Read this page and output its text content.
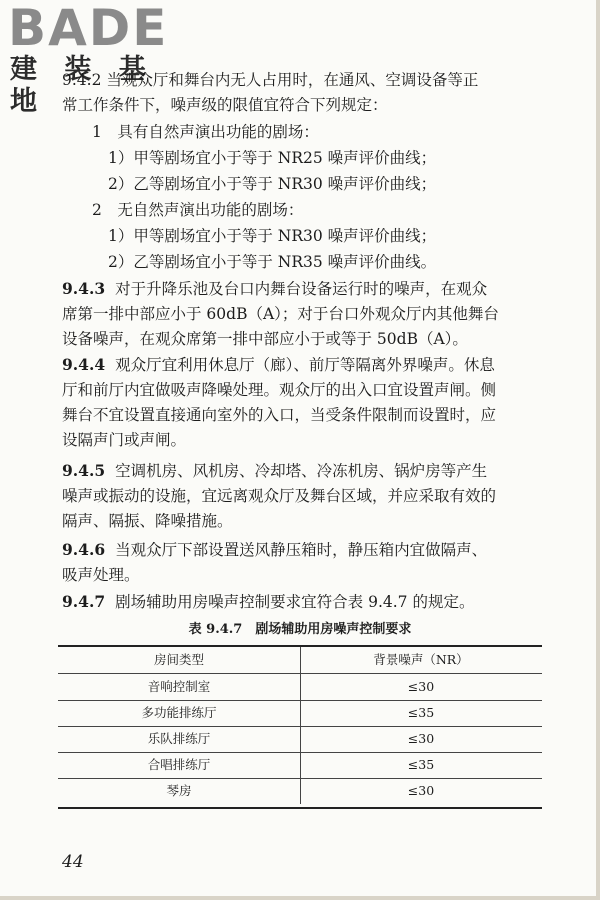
BADE
建 装 基 地
9.4.2 当观众厅和舞台内无人占用时，在通风、空调设备等正
常工作条件下，噪声级的限值宜符合下列规定：
1　具有自然声演出功能的剧场：
1）甲等剧场宜小于等于 NR25 噪声评价曲线；
2）乙等剧场宜小于等于 NR30 噪声评价曲线；
2　无自然声演出功能的剧场：
1）甲等剧场宜小于等于 NR30 噪声评价曲线；
2）乙等剧场宜小于等于 NR35 噪声评价曲线。
9.4.3 对于升降乐池及台口内舞台设备运行时的噪声，在观众
席第一排中部应小于 60dB（A）；对于台口外观众厅内其他舞台
设备噪声，在观众席第一排中部应小于或等于 50dB（A）。
9.4.4 观众厅宜利用休息厅（廊）、前厅等隔离外界噪声。休息
厅和前厅内宜做吸声降噪处理。观众厅的出入口宜设置声闸。侧
舞台不宜设置直接通向室外的入口，当受条件限制而设置时，应
设隔声门或声闸。
9.4.5 空调机房、风机房、冷却塔、冷冻机房、锅炉房等产生
噪声或振动的设施，宜远离观众厅及舞台区域，并应采取有效的
隔声、隔振、降噪措施。
9.4.6 当观众厅下部设置送风静压箱时，静压箱内宜做隔声、
吸声处理。
9.4.7 剧场辅助用房噪声控制要求宜符合表 9.4.7 的规定。
表 9.4.7　剧场辅助用房噪声控制要求
房间类型	背景噪声（NR）
音响控制室	≤30
多功能排练厅	≤35
乐队排练厅	≤30
合唱排练厅	≤35
琴房	≤30
44
